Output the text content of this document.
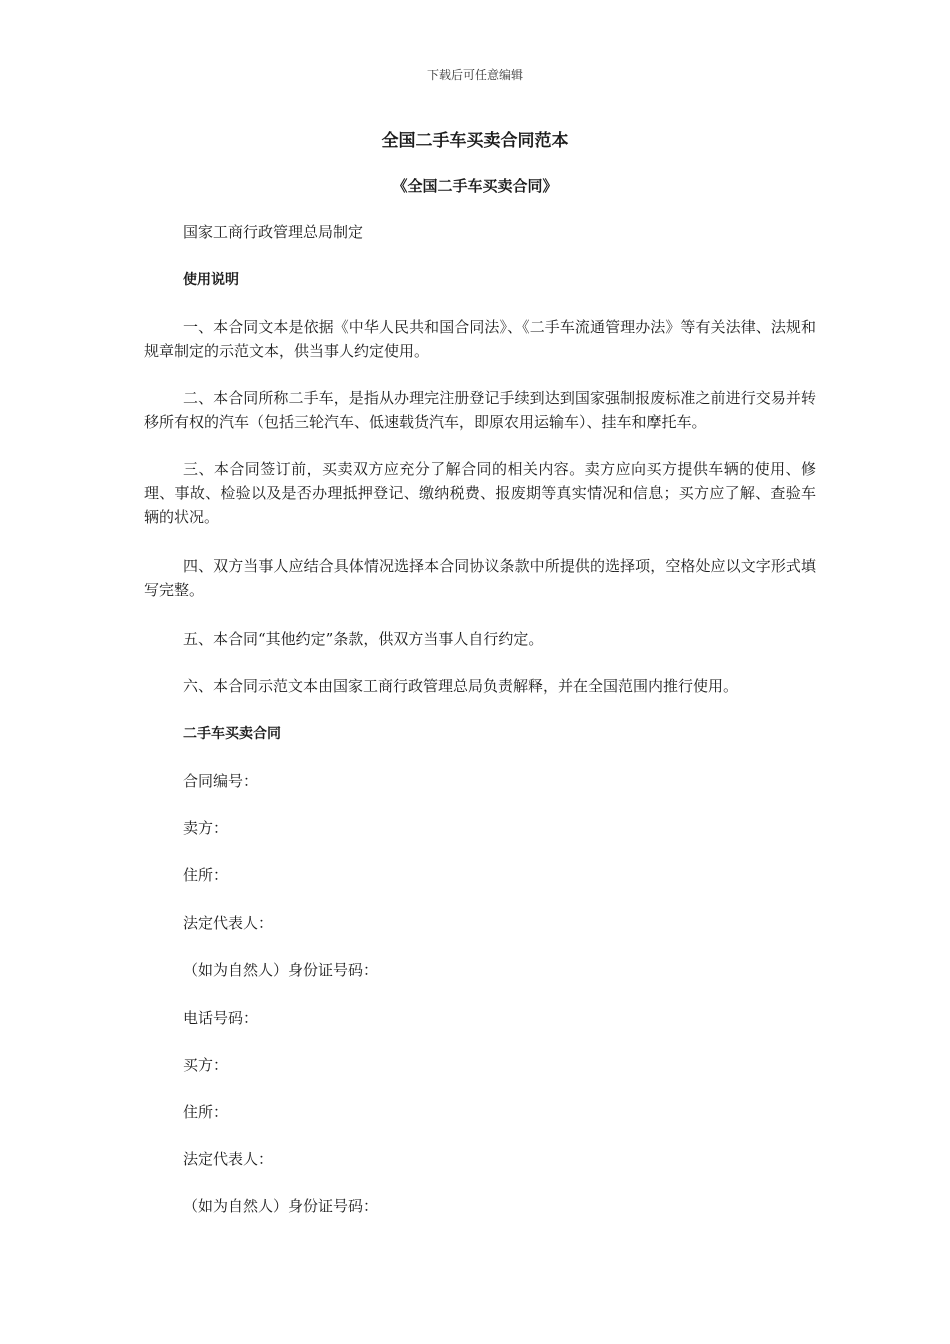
下载后可任意编辑
全国二手车买卖合同范本
《全国二手车买卖合同》
国家工商行政管理总局制定
使用说明
一、本合同文本是依据《中华人民共和国合同法》、《二手车流通管理办法》等有关法律、法规和规章制定的示范文本，供当事人约定使用。
二、本合同所称二手车，是指从办理完注册登记手续到达到国家强制报废标准之前进行交易并转移所有权的汽车（包括三轮汽车、低速载货汽车，即原农用运输车）、挂车和摩托车。
三、本合同签订前，买卖双方应充分了解合同的相关内容。卖方应向买方提供车辆的使用、修理、事故、检验以及是否办理抵押登记、缴纳税费、报废期等真实情况和信息；买方应了解、查验车辆的状况。
四、双方当事人应结合具体情况选择本合同协议条款中所提供的选择项，空格处应以文字形式填写完整。
五、本合同“其他约定”条款，供双方当事人自行约定。
六、本合同示范文本由国家工商行政管理总局负责解释，并在全国范围内推行使用。
二手车买卖合同
合同编号：
卖方：
住所：
法定代表人：
（如为自然人）身份证号码：
电话号码：
买方：
住所：
法定代表人：
（如为自然人）身份证号码：
